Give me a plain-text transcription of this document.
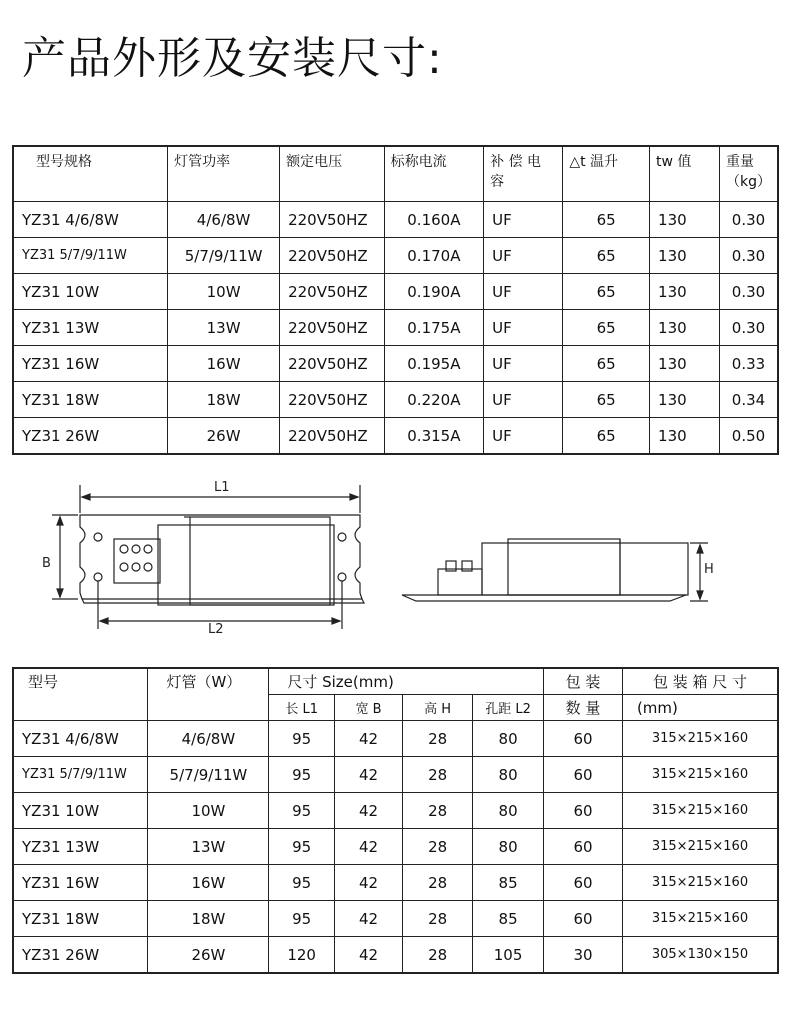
产品外形及安装尺寸:
型号规格	灯管功率	额定电压	标称电流	补 偿 电 容	△t 温升	tw 值	重量（kg）
YZ31 4/6/8W	4/6/8W	220V50HZ	0.160A	UF	65	130	0.30
YZ31 5/7/9/11W	5/7/9/11W	220V50HZ	0.170A	UF	65	130	0.30
YZ31 10W	10W	220V50HZ	0.190A	UF	65	130	0.30
YZ31 13W	13W	220V50HZ	0.175A	UF	65	130	0.30
YZ31 16W	16W	220V50HZ	0.195A	UF	65	130	0.33
YZ31 18W	18W	220V50HZ	0.220A	UF	65	130	0.34
YZ31 26W	26W	220V50HZ	0.315A	UF	65	130	0.50
L1
B
L2
H
型号	灯管（W）	尺寸 Size(mm)				包 装	包 装 箱 尺 寸
		长 L1	宽 B	高 H	孔距 L2	数 量	(mm)
YZ31 4/6/8W	4/6/8W	95	42	28	80	60	315×215×160
YZ31 5/7/9/11W	5/7/9/11W	95	42	28	80	60	315×215×160
YZ31 10W	10W	95	42	28	80	60	315×215×160
YZ31 13W	13W	95	42	28	80	60	315×215×160
YZ31 16W	16W	95	42	28	85	60	315×215×160
YZ31 18W	18W	95	42	28	85	60	315×215×160
YZ31 26W	26W	120	42	28	105	30	305×130×150
